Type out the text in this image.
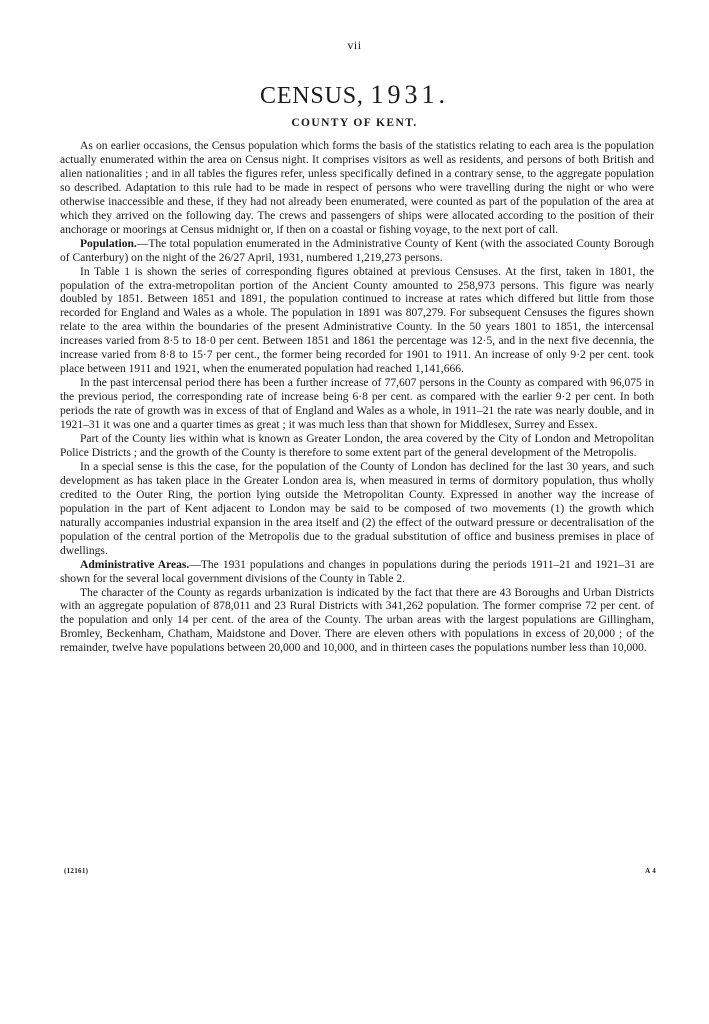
vii
CENSUS, 1931.
COUNTY OF KENT.

As on earlier occasions, the Census population which forms the basis of the statistics relating to each area is the population actually enumerated within the area on Census night. It comprises visitors as well as residents, and persons of both British and alien nationalities ; and in all tables the figures refer, unless specifically defined in a contrary sense, to the aggregate population so described. Adaptation to this rule had to be made in respect of persons who were travelling during the night or who were otherwise inaccessible and these, if they had not already been enumerated, were counted as part of the population of the area at which they arrived on the following day. The crews and passengers of ships were allocated according to the position of their anchorage or moorings at Census midnight or, if then on a coastal or fishing voyage, to the next port of call.

Population.—The total population enumerated in the Administrative County of Kent (with the associated County Borough of Canterbury) on the night of the 26/27 April, 1931, numbered 1,219,273 persons.

In Table 1 is shown the series of corresponding figures obtained at previous Censuses. At the first, taken in 1801, the population of the extra-metropolitan portion of the Ancient County amounted to 258,973 persons. This figure was nearly doubled by 1851. Between 1851 and 1891, the population continued to increase at rates which differed but little from those recorded for England and Wales as a whole. The population in 1891 was 807,279. For subsequent Censuses the figures shown relate to the area within the boundaries of the present Administrative County. In the 50 years 1801 to 1851, the intercensal increases varied from 8·5 to 18·0 per cent. Between 1851 and 1861 the percentage was 12·5, and in the next five decennia, the increase varied from 8·8 to 15·7 per cent., the former being recorded for 1901 to 1911. An increase of only 9·2 per cent. took place between 1911 and 1921, when the enumerated population had reached 1,141,666.

In the past intercensal period there has been a further increase of 77,607 persons in the County as compared with 96,075 in the previous period, the corresponding rate of increase being 6·8 per cent. as compared with the earlier 9·2 per cent. In both periods the rate of growth was in excess of that of England and Wales as a whole, in 1911–21 the rate was nearly double, and in 1921–31 it was one and a quarter times as great ; it was much less than that shown for Middlesex, Surrey and Essex.

Part of the County lies within what is known as Greater London, the area covered by the City of London and Metropolitan Police Districts ; and the growth of the County is therefore to some extent part of the general development of the Metropolis.

In a special sense is this the case, for the population of the County of London has declined for the last 30 years, and such development as has taken place in the Greater London area is, when measured in terms of dormitory population, thus wholly credited to the Outer Ring, the portion lying outside the Metropolitan County. Expressed in another way the increase of population in the part of Kent adjacent to London may be said to be composed of two movements (1) the growth which naturally accompanies industrial expansion in the area itself and (2) the effect of the outward pressure or decentralisation of the population of the central portion of the Metropolis due to the gradual substitution of office and business premises in place of dwellings.

Administrative Areas.—The 1931 populations and changes in populations during the periods 1911–21 and 1921–31 are shown for the several local government divisions of the County in Table 2.

The character of the County as regards urbanization is indicated by the fact that there are 43 Boroughs and Urban Districts with an aggregate population of 878,011 and 23 Rural Districts with 341,262 population. The former comprise 72 per cent. of the population and only 14 per cent. of the area of the County. The urban areas with the largest populations are Gillingham, Bromley, Beckenham, Chatham, Maidstone and Dover. There are eleven others with populations in excess of 20,000 ; of the remainder, twelve have populations between 20,000 and 10,000, and in thirteen cases the populations number less than 10,000.

(12161)	A 4
